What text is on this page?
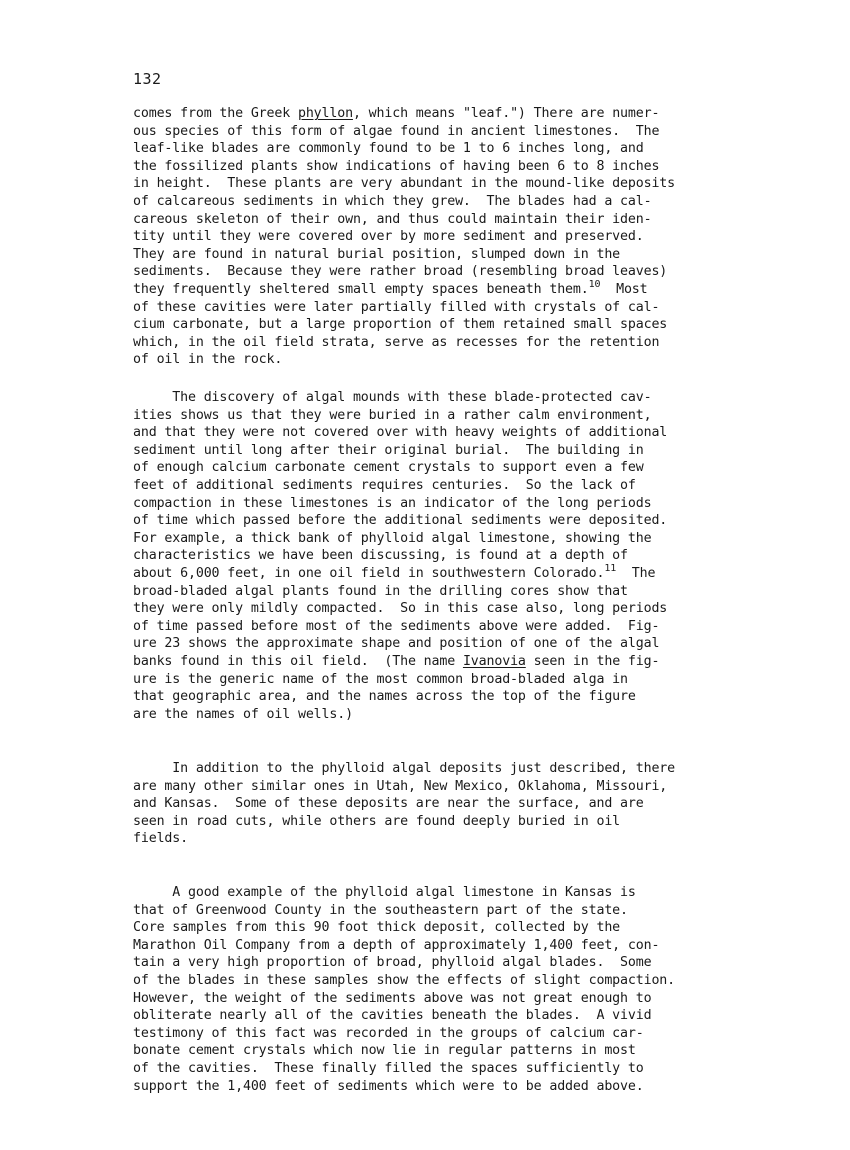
132
comes from the Greek phyllon, which means "leaf.") There are numer-
ous species of this form of algae found in ancient limestones.  The
leaf-like blades are commonly found to be 1 to 6 inches long, and
the fossilized plants show indications of having been 6 to 8 inches
in height.  These plants are very abundant in the mound-like deposits
of calcareous sediments in which they grew.  The blades had a cal-
careous skeleton of their own, and thus could maintain their iden-
tity until they were covered over by more sediment and preserved.
They are found in natural burial position, slumped down in the
sediments.  Because they were rather broad (resembling broad leaves)
they frequently sheltered small empty spaces beneath them.$^{10}$  Most
of these cavities were later partially filled with crystals of cal-
cium carbonate, but a large proportion of them retained small spaces
which, in the oil field strata, serve as recesses for the retention
of oil in the rock.
The discovery of algal mounds with these blade-protected cav-
ities shows us that they were buried in a rather calm environment,
and that they were not covered over with heavy weights of additional
sediment until long after their original burial.  The building in
of enough calcium carbonate cement crystals to support even a few
feet of additional sediments requires centuries.  So the lack of
compaction in these limestones is an indicator of the long periods
of time which passed before the additional sediments were deposited.
For example, a thick bank of phylloid algal limestone, showing the
characteristics we have been discussing, is found at a depth of
about 6,000 feet, in one oil field in southwestern Colorado.$^{11}$  The
broad-bladed algal plants found in the drilling cores show that
they were only mildly compacted.  So in this case also, long periods
of time passed before most of the sediments above were added.  Fig-
ure 23 shows the approximate shape and position of one of the algal
banks found in this oil field.  (The name Ivanovia seen in the fig-
ure is the generic name of the most common broad-bladed alga in
that geographic area, and the names across the top of the figure
are the names of oil wells.)
In addition to the phylloid algal deposits just described, there
are many other similar ones in Utah, New Mexico, Oklahoma, Missouri,
and Kansas.  Some of these deposits are near the surface, and are
seen in road cuts, while others are found deeply buried in oil
fields.
A good example of the phylloid algal limestone in Kansas is
that of Greenwood County in the southeastern part of the state.
Core samples from this 90 foot thick deposit, collected by the
Marathon Oil Company from a depth of approximately 1,400 feet, con-
tain a very high proportion of broad, phylloid algal blades.  Some
of the blades in these samples show the effects of slight compaction.
However, the weight of the sediments above was not great enough to
obliterate nearly all of the cavities beneath the blades.  A vivid
testimony of this fact was recorded in the groups of calcium car-
bonate cement crystals which now lie in regular patterns in most
of the cavities.  These finally filled the spaces sufficiently to
support the 1,400 feet of sediments which were to be added above.
